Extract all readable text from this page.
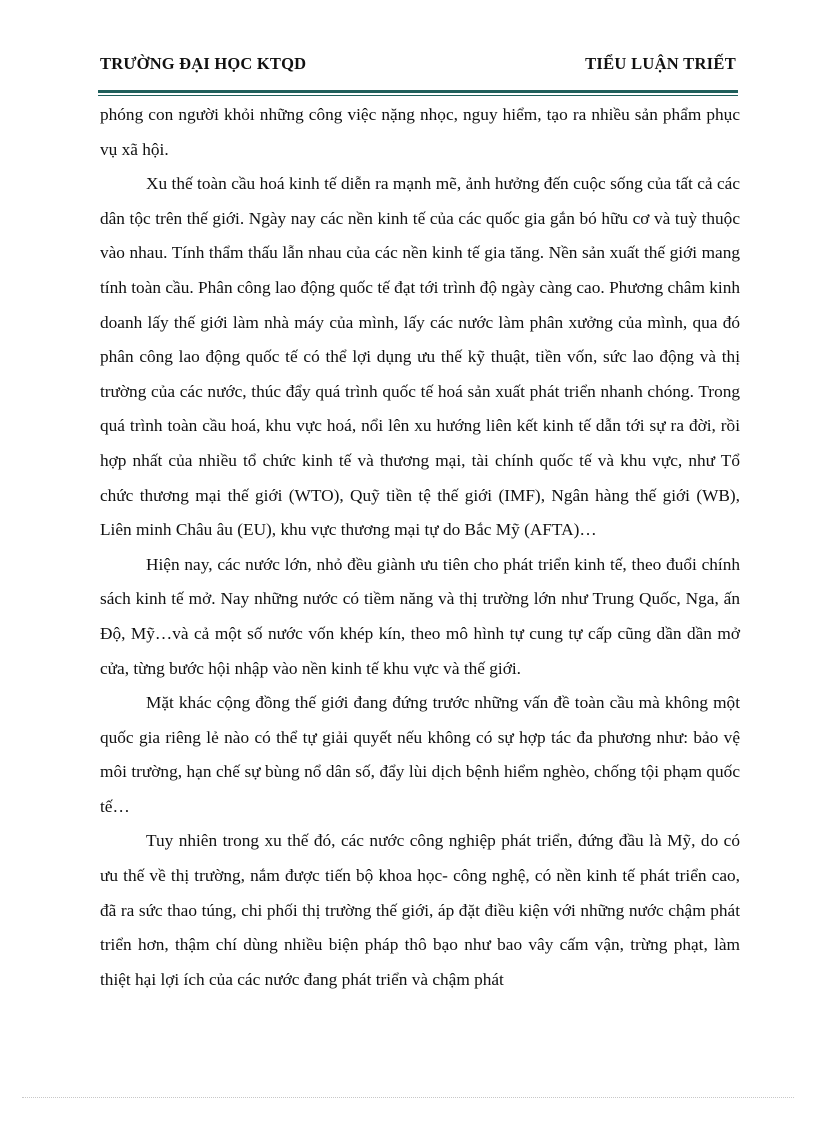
TRƯỜNG ĐẠI HỌC KTQD	TIỂU LUẬN TRIẾT

phóng con người khỏi những công việc nặng nhọc, nguy hiểm, tạo ra nhiều sản phẩm phục vụ xã hội.

Xu thế toàn cầu hoá kinh tế diễn ra mạnh mẽ, ảnh hưởng đến cuộc sống của tất cả các dân tộc trên thế giới. Ngày nay các nền kinh tế của các quốc gia gắn bó hữu cơ và tuỳ thuộc vào nhau. Tính thẩm thấu lẫn nhau của các nền kinh tế gia tăng. Nền sản xuất thế giới mang tính toàn cầu. Phân công lao động quốc tế đạt tới trình độ ngày càng cao. Phương châm kinh doanh lấy thế giới làm nhà máy của mình, lấy các nước làm phân xưởng của mình, qua đó phân công lao động quốc tế có thể lợi dụng ưu thế kỹ thuật, tiền vốn, sức lao động và thị trường của các nước, thúc đẩy quá trình quốc tế hoá sản xuất phát triển nhanh chóng. Trong quá trình toàn cầu hoá, khu vực hoá, nổi lên xu hướng liên kết kinh tế dẫn tới sự ra đời, rồi hợp nhất của nhiều tổ chức kinh tế và thương mại, tài chính quốc tế và khu vực, như Tổ chức thương mại thế giới (WTO), Quỹ tiền tệ thế giới (IMF), Ngân hàng thế giới (WB), Liên minh Châu âu (EU), khu vực thương mại tự do Bắc Mỹ (AFTA)…

Hiện nay, các nước lớn, nhỏ đều giành ưu tiên cho phát triển kinh tế, theo đuổi chính sách kinh tế mở. Nay những nước có tiềm năng và thị trường lớn như Trung Quốc, Nga, ấn Độ, Mỹ…và cả một số nước vốn khép kín, theo mô hình tự cung tự cấp cũng dần dần mở cửa, từng bước hội nhập vào nền kinh tế khu vực và thế giới.

Mặt khác cộng đồng thế giới đang đứng trước những vấn đề toàn cầu mà không một quốc gia riêng lẻ nào có thể tự giải quyết nếu không có sự hợp tác đa phương như: bảo vệ môi trường, hạn chế sự bùng nổ dân số, đẩy lùi dịch bệnh hiểm nghèo, chống tội phạm quốc tế…

Tuy nhiên trong xu thế đó, các nước công nghiệp phát triển, đứng đầu là Mỹ, do có ưu thế về thị trường, nắm được tiến bộ khoa học- công nghệ, có nền kinh tế phát triển cao, đã ra sức thao túng, chi phối thị trường thế giới, áp đặt điều kiện với những nước chậm phát triển hơn, thậm chí dùng nhiều biện pháp thô bạo như bao vây cấm vận, trừng phạt, làm thiệt hại lợi ích của các nước đang phát triển và chậm phát
